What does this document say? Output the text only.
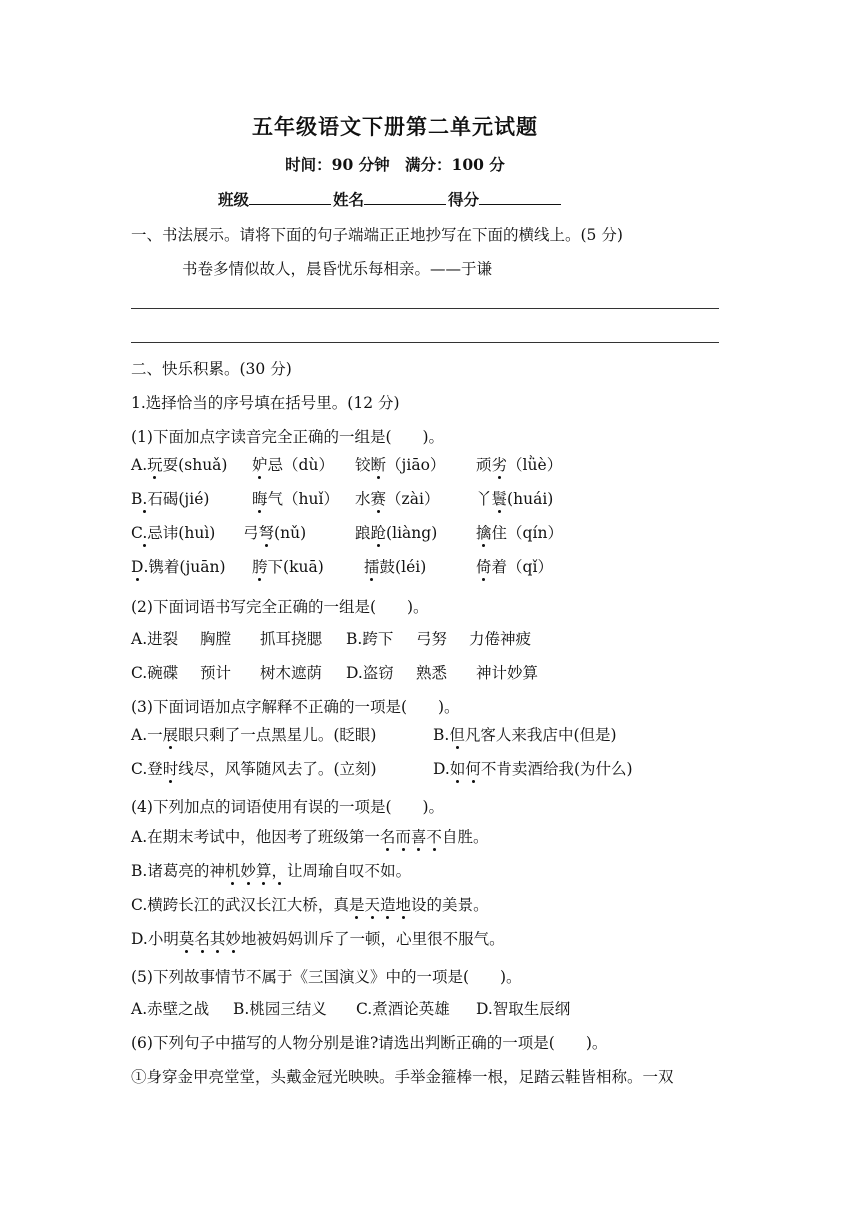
五年级语文下册第二单元试题
时间：90 分钟 满分：100 分
班级	姓名	得分
一、书法展示。请将下面的句子端端正正地抄写在下面的横线上。(5 分)
书卷多情似故人，晨昏忧乐每相亲。——于谦
二、快乐积累。(30 分)
1.选择恰当的序号填在括号里。(12 分)
(1)下面加点字读音完全正确的一组是(　　)。
A.玩耍(shuǎ) 妒忌（dù） 铰断（jiāo） 顽劣（lǜè）
B.石碣(jié)	晦气（huǐ） 水赛（zài） 丫鬟(huái)
C.忌讳(huì) 弓弩(nǔ)	踉跄(liàng) 擒住（qín）
D.镌着(juān) 胯下(kuā)	擂鼓(léi)	倚着（qǐ）
(2)下面词语书写完全正确的一组是(　　)。
A.进裂 胸膛 抓耳挠腮 B.跨下 弓努 力倦神疲
C.碗碟 预计 树木遮荫 D.盗窃 熟悉 神计妙算
(3)下面词语加点字解释不正确的一项是(　　)。
A.一展眼只剩了一点黑星儿。(眨眼)	B.但凡客人来我店中(但是)
C.登时线尽，风筝随风去了。(立刻)	D.如何不肯卖酒给我(为什么)
(4)下列加点的词语使用有误的一项是(　　)。
A.在期末考试中，他因考了班级第一名而喜不自胜。
B.诸葛亮的神机妙算，让周瑜自叹不如。
C.横跨长江的武汉长江大桥，真是天造地设的美景。
D.小明莫名其妙地被妈妈训斥了一顿，心里很不服气。
(5)下列故事情节不属于《三国演义》中的一项是(　　)。
A.赤壁之战 B.桃园三结义 C.煮酒论英雄 D.智取生辰纲
(6)下列句子中描写的人物分别是谁?请选出判断正确的一项是(　　)。
①身穿金甲亮堂堂，头戴金冠光映映。手举金箍棒一根，足踏云鞋皆相称。一双
